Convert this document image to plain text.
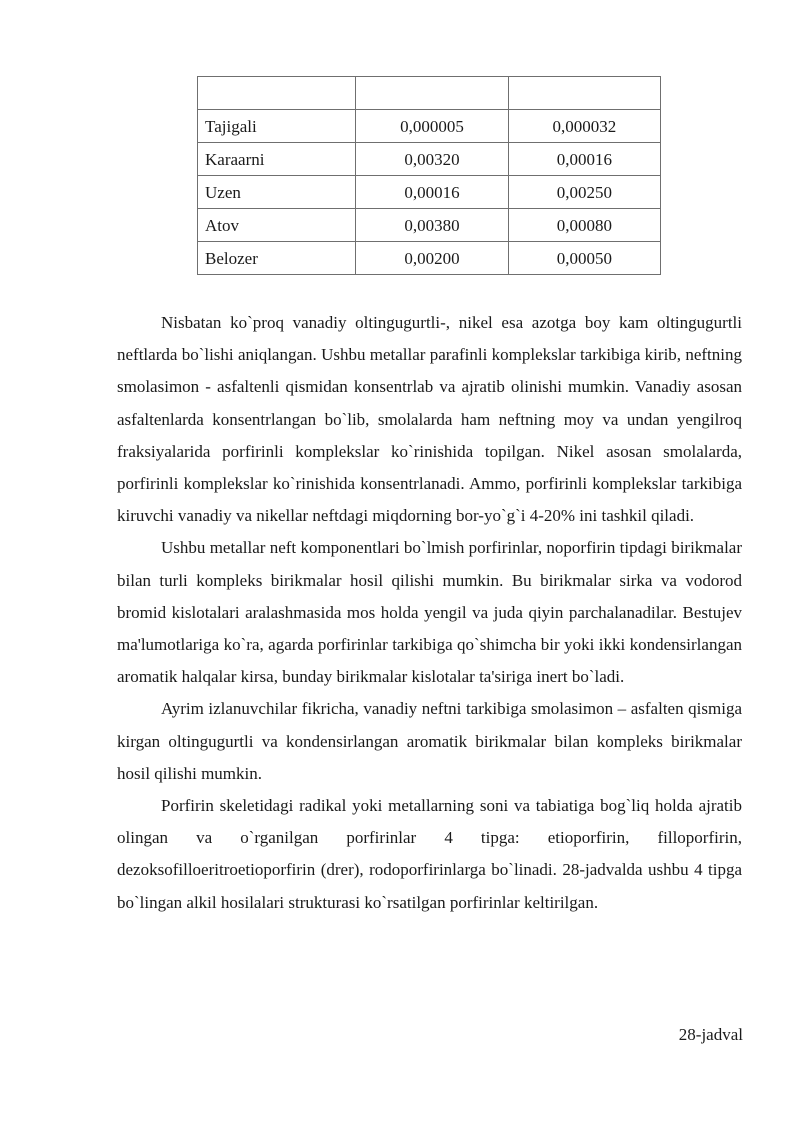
Tajigali	0,000005	0,000032
Karaarni	0,00320	0,00016
Uzen	0,00016	0,00250
Atov	0,00380	0,00080
Belozer	0,00200	0,00050

Nisbatan ko`proq vanadiy oltingugurtli-, nikel esa azotga boy kam oltingugurtli neftlarda bo`lishi aniqlangan. Ushbu metallar parafinli komplekslar tarkibiga kirib, neftning smolasimon - asfaltenli qismidan konsentrlab va ajratib olinishi mumkin. Vanadiy asosan asfaltenlarda konsentrlangan bo`lib, smolalarda ham neftning moy va undan yengilroq fraksiyalarida porfirinli komplekslar ko`rinishida topilgan. Nikel asosan smolalarda, porfirinli komplekslar ko`rinishida konsentrlanadi. Ammo, porfirinli komplekslar tarkibiga kiruvchi vanadiy va nikellar neftdagi miqdorning bor-yo`g`i 4-20% ini tashkil qiladi.

Ushbu metallar neft komponentlari bo`lmish porfirinlar, noporfirin tipdagi birikmalar bilan turli kompleks birikmalar hosil qilishi mumkin. Bu birikmalar sirka va vodorod bromid kislotalari aralashmasida mos holda yengil va juda qiyin parchalanadilar. Bestujev ma'lumotlariga ko`ra, agarda porfirinlar tarkibiga qo`shimcha bir yoki ikki kondensirlangan aromatik halqalar kirsa, bunday birikmalar kislotalar ta'siriga inert bo`ladi.

Ayrim izlanuvchilar fikricha, vanadiy neftni tarkibiga smolasimon – asfalten qismiga kirgan oltingugurtli va kondensirlangan aromatik birikmalar bilan kompleks birikmalar hosil qilishi mumkin.

Porfirin skeletidagi radikal yoki metallarning soni va tabiatiga bog`liq holda ajratib olingan va o`rganilgan porfirinlar 4 tipga: etioporfirin, filloporfirin, dezoksofilloeritroetioporfirin (drer), rodoporfirinlarga bo`linadi. 28-jadvalda ushbu 4 tipga bo`lingan alkil hosilalari strukturasi ko`rsatilgan porfirinlar keltirilgan.

28-jadval
